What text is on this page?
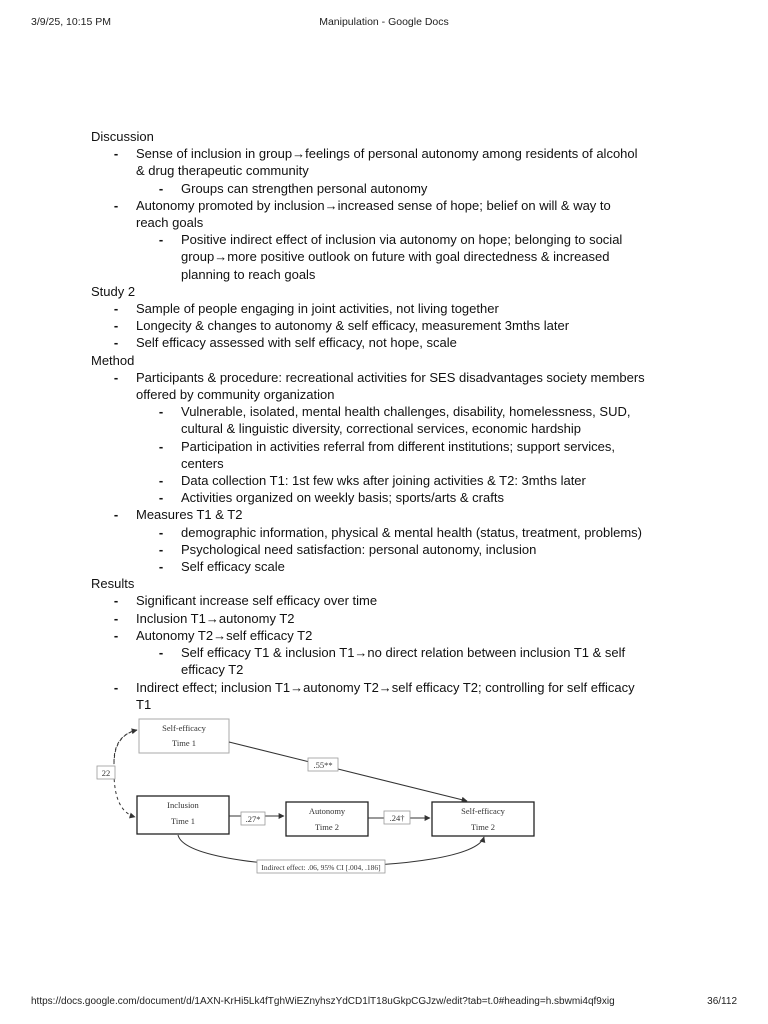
3/9/25, 10:15 PM	Manipulation - Google Docs
Discussion
- Sense of inclusion in group→feelings of personal autonomy among residents of alcohol
& drug therapeutic community
- Groups can strengthen personal autonomy
- Autonomy promoted by inclusion→increased sense of hope; belief on will & way to
reach goals
- Positive indirect effect of inclusion via autonomy on hope; belonging to social
group→more positive outlook on future with goal directedness & increased
planning to reach goals
Study 2
- Sample of people engaging in joint activities, not living together
- Longecity & changes to autonomy & self efficacy, measurement 3mths later
- Self efficacy assessed with self efficacy, not hope, scale
Method
- Participants & procedure: recreational activities for SES disadvantages society members
offered by community organization
- Vulnerable, isolated, mental health challenges, disability, homelessness, SUD,
cultural & linguistic diversity, correctional services, economic hardship
- Participation in activities referral from different institutions; support services,
centers
- Data collection T1: 1st few wks after joining activities & T2: 3mths later
- Activities organized on weekly basis; sports/arts & crafts
- Measures T1 & T2
- demographic information, physical & mental health (status, treatment, problems)
- Psychological need satisfaction: personal autonomy, inclusion
- Self efficacy scale
Results
- Significant increase self efficacy over time
- Inclusion T1→autonomy T2
- Autonomy T2→self efficacy T2
- Self efficacy T1 & inclusion T1→no direct relation between inclusion T1 & self
efficacy T2
- Indirect effect; inclusion T1→autonomy T2→self efficacy T2; controlling for self efficacy
T1
Self-efficacy
Time 1
Inclusion
Time 1
Autonomy
Time 2
Self-efficacy
Time 2
22
.55**
.27*	.24†
Indirect effect: .06, 95% CI [.004, .186]
https://docs.google.com/document/d/1AXN-KrHi5Lk4fTghWiEZnyhszYdCD1lT18uGkpCGJzw/edit?tab=t.0#heading=h.sbwmi4qf9xig	36/112
